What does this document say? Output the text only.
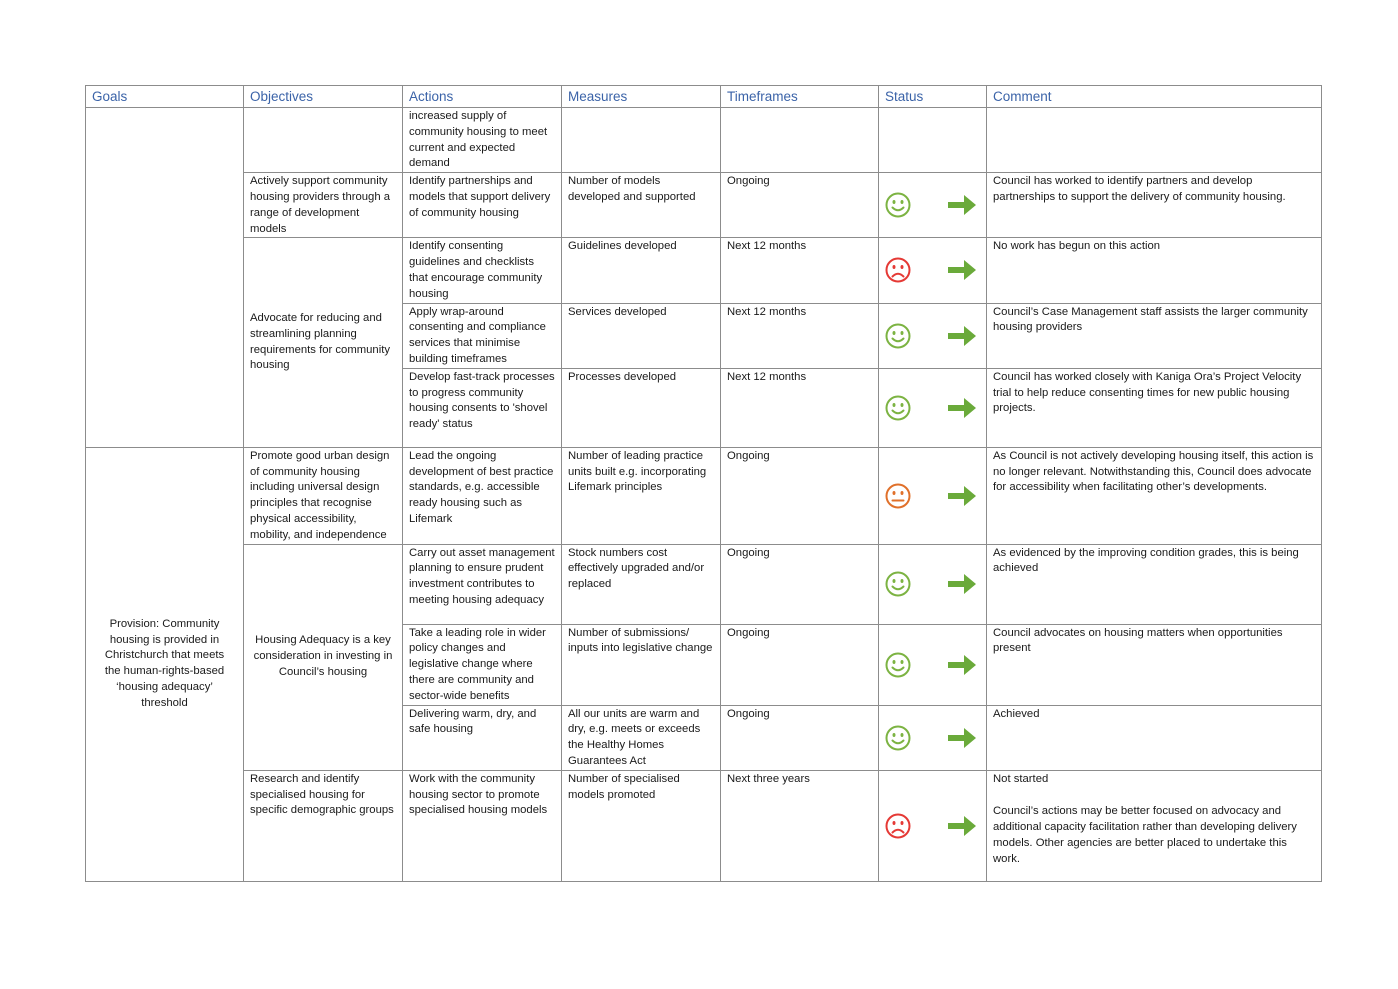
Goals	Objectives	Actions	Measures	Timeframes	Status	Comment

		increased supply of community housing to meet current and expected demand				

	Actively support community housing providers through a range of development models	Identify partnerships and models that support delivery of community housing	Number of models developed and supported	Ongoing		Council has worked to identify partners and develop partnerships to support the delivery of community housing.

	Advocate for reducing and streamlining planning requirements for community housing	Identify consenting guidelines and checklists that encourage community housing	Guidelines developed	Next 12 months		No work has begun on this action

		Apply wrap-around consenting and compliance services that minimise building timeframes	Services developed	Next 12 months		Council’s Case Management staff assists the larger community housing providers

		Develop fast-track processes to progress community housing consents to 'shovel ready' status	Processes developed	Next 12 months		Council has worked closely with Kaniga Ora’s Project Velocity trial to help reduce consenting times for new public housing projects.

Provision: Community housing is provided in Christchurch that meets the human-rights-based ‘housing adequacy’ threshold	Promote good urban design of community housing including universal design principles that recognise physical accessibility, mobility, and independence	Lead the ongoing development of best practice standards, e.g. accessible ready housing such as Lifemark	Number of leading practice units built e.g. incorporating Lifemark principles	Ongoing		As Council is not actively developing housing itself, this action is no longer relevant. Notwithstanding this, Council does advocate for accessibility when facilitating other’s developments.

	Housing Adequacy is a key consideration in investing in Council’s housing	Carry out asset management planning to ensure prudent investment contributes to meeting housing adequacy	Stock numbers cost effectively upgraded and/or replaced	Ongoing		As evidenced by the improving condition grades, this is being achieved

		Take a leading role in wider policy changes and legislative change where there are community and sector-wide benefits	Number of submissions/ inputs into legislative change	Ongoing		Council advocates on housing matters when opportunities present

		Delivering warm, dry, and safe housing	All our units are warm and dry, e.g. meets or exceeds the Healthy Homes Guarantees Act	Ongoing		Achieved

	Research and identify specialised housing for specific demographic groups	Work with the community housing sector to promote specialised housing models	Number of specialised models promoted	Next three years		Not started
Council’s actions may be better focused on advocacy and additional capacity facilitation rather than developing delivery models. Other agencies are better placed to undertake this work.
